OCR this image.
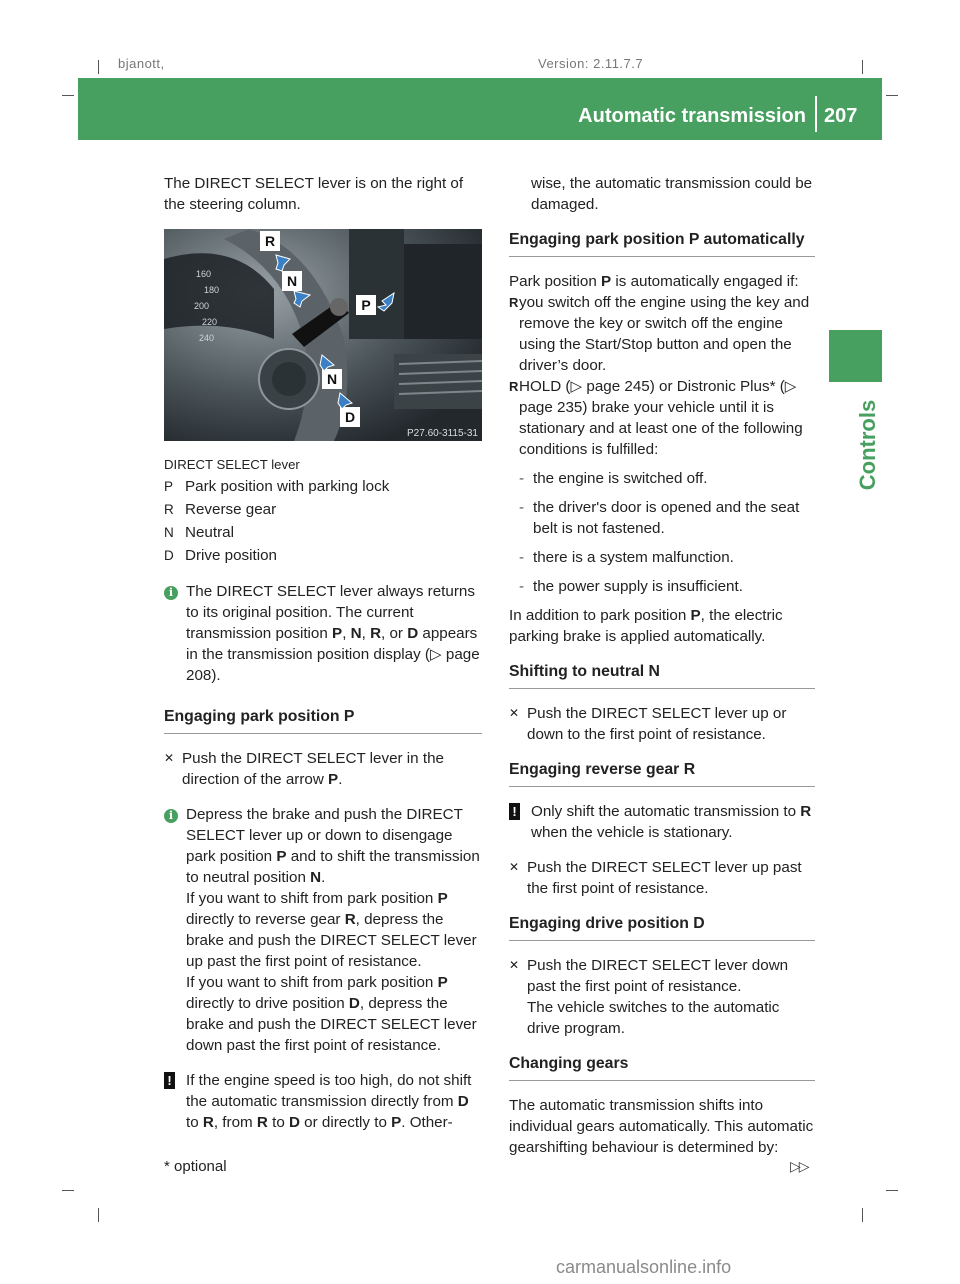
bjanott,	Version: 2.11.7.7
Automatic transmission 207
Controls

The DIRECT SELECT lever is on the right of the steering column.

160
180
200
220
240
R
N
P
N
D
P27.60-3115-31

DIRECT SELECT lever

P Park position with parking lock
R Reverse gear
N Neutral
D Drive position
i The DIRECT SELECT lever always returns to its original position. The current transmission position P, N, R, or D appears in the transmission position display (▷ page 208).
Engaging park position P
✕ Push the DIRECT SELECT lever in the direction of the arrow P.
i Depress the brake and push the DIRECT SELECT lever up or down to disengage park position P and to shift the transmission to neutral position N.

If you want to shift from park position P directly to reverse gear R, depress the brake and push the DIRECT SELECT lever up past the first point of resistance.

If you want to shift from park position P directly to drive position D, depress the brake and push the DIRECT SELECT lever down past the first point of resistance.

! If the engine speed is too high, do not shift the automatic transmission directly from D to R, from R to D or directly to P. Other-
wise, the automatic transmission could be damaged.
Engaging park position P automatically

Park position P is automatically engaged if:

R you switch off the engine using the key and remove the key or switch off the engine using the Start/Stop button and open the driver’s door.
R HOLD (▷ page 245) or Distronic Plus* (▷ page 235) brake your vehicle until it is stationary and at least one of the following conditions is fulfilled:
- the engine is switched off.
- the driver's door is opened and the seat belt is not fastened.
- there is a system malfunction.
- the power supply is insufficient.

In addition to park position P, the electric parking brake is applied automatically.

Shifting to neutral N
✕ Push the DIRECT SELECT lever up or down to the first point of resistance.
Engaging reverse gear R
! Only shift the automatic transmission to R when the vehicle is stationary.
✕ Push the DIRECT SELECT lever up past the first point of resistance.
Engaging drive position D
✕ Push the DIRECT SELECT lever down past the first point of resistance.

The vehicle switches to the automatic drive program.

Changing gears

The automatic transmission shifts into individual gears automatically. This automatic gearshifting behaviour is determined by:

* optional	▷▷
carmanualsonline.info
